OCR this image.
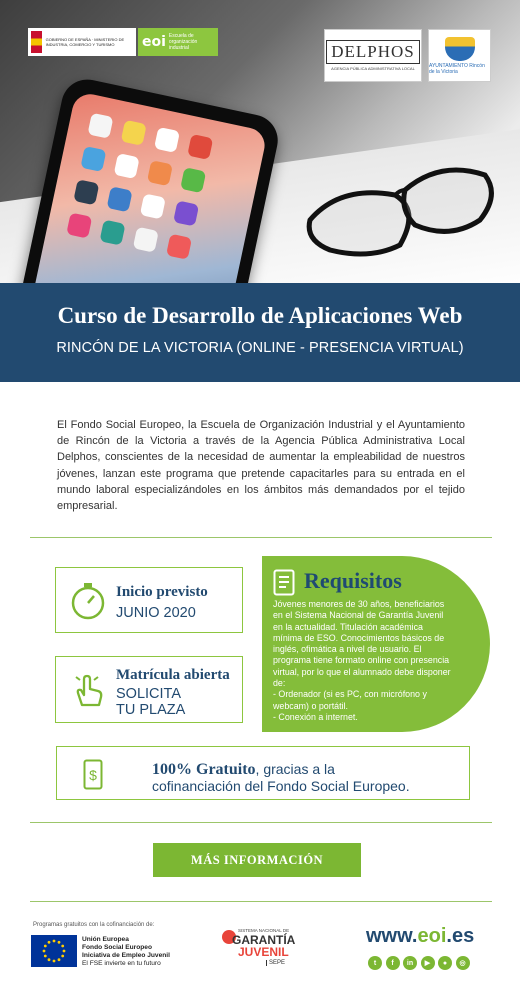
GOBIERNO DE ESPAÑA · MINISTERIO DE INDUSTRIA, COMERCIO Y TURISMO	eoi Escuela de organización industrial	DELPHOS
AGENCIA PÚBLICA ADMINISTRATIVA LOCAL	AYUNTAMIENTO Rincón de la Victoria
Curso de Desarrollo de Aplicaciones Web
RINCÓN DE LA VICTORIA (ONLINE - PRESENCIA VIRTUAL)
El Fondo Social Europeo, la Escuela de Organización Industrial y el Ayuntamiento de Rincón de la Victoria a través de la Agencia Pública Administrativa Local Delphos, conscientes de la necesidad de aumentar la empleabilidad de nuestros jóvenes, lanzan este programa que pretende capacitarles para su entrada en el mundo laboral especializándoles en los ámbitos más demandados por el tejido empresarial.
Inicio previsto
JUNIO 2020
Matrícula abierta
SOLICITA
TU PLAZA
Requisitos
Jóvenes menores de 30 años, beneficiarios en el Sistema Nacional de Garantía Juvenil en la actualidad. Titulación académica mínima de ESO. Conocimientos básicos de inglés, ofimática a nivel de usuario. El programa tiene formato online con presencia virtual, por lo que el alumnado debe disponer de:
- Ordenador (si es PC, con micrófono y webcam) o portátil.
- Conexión a internet.
$	100% Gratuito, gracias a la cofinanciación del Fondo Social Europeo.
MÁS INFORMACIÓN
Programas gratuitos con la cofinanciación de:
Unión Europea
Fondo Social Europeo
Iniciativa de Empleo Juvenil
El FSE invierte en tu futuro
SISTEMA NACIONAL DE
GARANTÍA
JUVENIL
SEPE
www.eoi.es
t	f	in	▶	●	◎
